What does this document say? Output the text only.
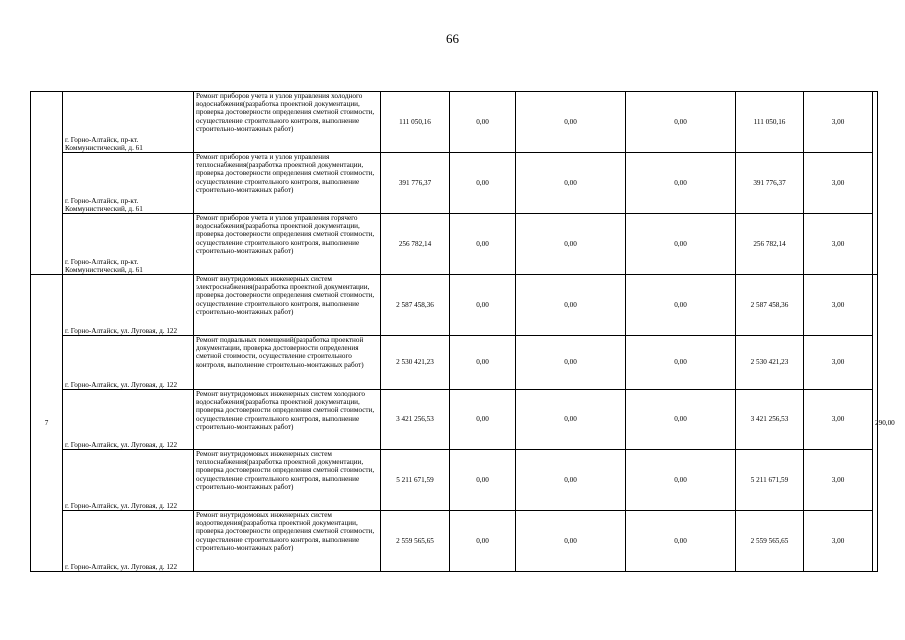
66
	г. Горно-Алтайск, пр-кт. Коммунистический, д. 61	Ремонт приборов учета и узлов управления холодного водоснабжения(разработка проектной документации, проверка достоверности определения сметной стоимости, осуществление строительного контроля, выполнение строительно-монтажных работ)	111 050,16	0,00	0,00	0,00	111 050,16	3,00	
	г. Горно-Алтайск, пр-кт. Коммунистический, д. 61	Ремонт приборов учета и узлов управления теплоснабжения(разработка проектной документации, проверка достоверности определения сметной стоимости, осуществление строительного контроля, выполнение строительно-монтажных работ)	391 776,37	0,00	0,00	0,00	391 776,37	3,00	
	г. Горно-Алтайск, пр-кт. Коммунистический, д. 61	Ремонт приборов учета и узлов управления горячего водоснабжения(разработка проектной документации, проверка достоверности определения сметной стоимости, осуществление строительного контроля, выполнение строительно-монтажных работ)	256 782,14	0,00	0,00	0,00	256 782,14	3,00	
7	г. Горно-Алтайск, ул. Луговая, д. 122	Ремонт внутридомовых инженерных систем электроснабжения(разработка проектной документации, проверка достоверности определения сметной стоимости, осуществление строительного контроля, выполнение строительно-монтажных работ)	2 587 458,36	0,00	0,00	0,00	2 587 458,36	3,00	290,00
	г. Горно-Алтайск, ул. Луговая, д. 122	Ремонт подвальных помещений(разработка проектной документации, проверка достоверности определения сметной стоимости, осуществление строительного контроля, выполнение строительно-монтажных работ)	2 530 421,23	0,00	0,00	0,00	2 530 421,23	3,00	
	г. Горно-Алтайск, ул. Луговая, д. 122	Ремонт внутридомовых инженерных систем холодного водоснабжения(разработка проектной документации, проверка достоверности определения сметной стоимости, осуществление строительного контроля, выполнение строительно-монтажных работ)	3 421 256,53	0,00	0,00	0,00	3 421 256,53	3,00	
	г. Горно-Алтайск, ул. Луговая, д. 122	Ремонт внутридомовых инженерных систем теплоснабжения(разработка проектной документации, проверка достоверности определения сметной стоимости, осуществление строительного контроля, выполнение строительно-монтажных работ)	5 211 671,59	0,00	0,00	0,00	5 211 671,59	3,00	
	г. Горно-Алтайск, ул. Луговая, д. 122	Ремонт внутридомовых инженерных систем водоотведения(разработка проектной документации, проверка достоверности определения сметной стоимости, осуществление строительного контроля, выполнение строительно-монтажных работ)	2 559 565,65	0,00	0,00	0,00	2 559 565,65	3,00	
